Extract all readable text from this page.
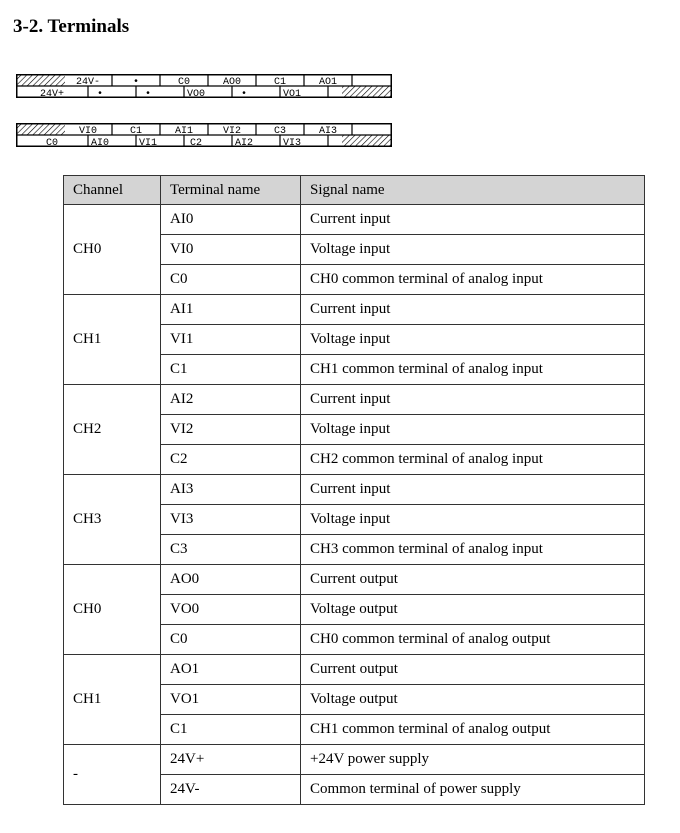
3-2. Terminals
24V-	•	C0	AO0	C1	AO1
24V+	•	•	VO0	•	VO1
VI0	C1	AI1	VI2	C3	AI3
C0	AI0	VI1	C2	AI2	VI3
Channel	Terminal name	Signal name
CH0	AI0	Current input
	VI0	Voltage input
	C0	CH0 common terminal of analog input
CH1	AI1	Current input
	VI1	Voltage input
	C1	CH1 common terminal of analog input
CH2	AI2	Current input
	VI2	Voltage input
	C2	CH2 common terminal of analog input
CH3	AI3	Current input
	VI3	Voltage input
	C3	CH3 common terminal of analog input
CH0	AO0	Current output
	VO0	Voltage output
	C0	CH0 common terminal of analog output
CH1	AO1	Current output
	VO1	Voltage output
	C1	CH1 common terminal of analog output
-	24V+	+24V power supply
	24V-	Common terminal of power supply
